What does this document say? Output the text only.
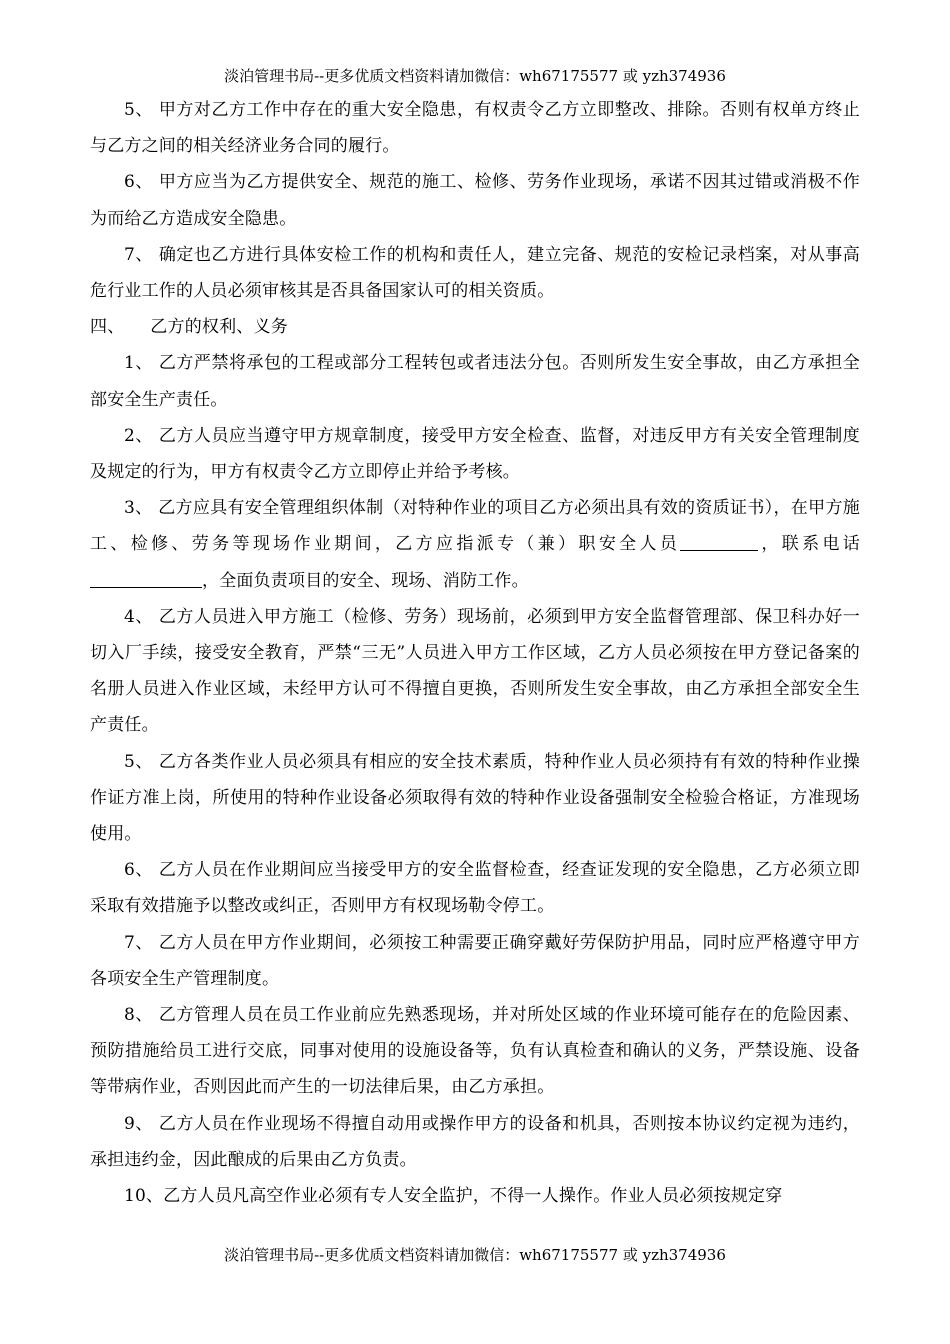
淡泊管理书局--更多优质文档资料请加微信：wh67175577 或 yzh374936

5、 甲方对乙方工作中存在的重大安全隐患，有权责令乙方立即整改、排除。否则有权单方终止与乙方之间的相关经济业务合同的履行。

6、 甲方应当为乙方提供安全、规范的施工、检修、劳务作业现场，承诺不因其过错或消极不作为而给乙方造成安全隐患。

7、 确定也乙方进行具体安检工作的机构和责任人，建立完备、规范的安检记录档案，对从事高危行业工作的人员必须审核其是否具备国家认可的相关资质。

四、　　乙方的权利、义务

1、 乙方严禁将承包的工程或部分工程转包或者违法分包。否则所发生安全事故，由乙方承担全部安全生产责任。

2、 乙方人员应当遵守甲方规章制度，接受甲方安全检查、监督，对违反甲方有关安全管理制度及规定的行为，甲方有权责令乙方立即停止并给予考核。

3、 乙方应具有安全管理组织体制（对特种作业的项目乙方必须出具有效的资质证书），在甲方施工、检修、劳务等现场作业期间，乙方应指派专（兼）职安全人员	，联系电话，全面负责项目的安全、现场、消防工作。

4、 乙方人员进入甲方施工（检修、劳务）现场前，必须到甲方安全监督管理部、保卫科办好一切入厂手续，接受安全教育，严禁“三无”人员进入甲方工作区域，乙方人员必须按在甲方登记备案的名册人员进入作业区域，未经甲方认可不得擅自更换，否则所发生安全事故，由乙方承担全部安全生产责任。

5、 乙方各类作业人员必须具有相应的安全技术素质，特种作业人员必须持有有效的特种作业操作证方准上岗，所使用的特种作业设备必须取得有效的特种作业设备强制安全检验合格证，方准现场使用。

6、 乙方人员在作业期间应当接受甲方的安全监督检查，经查证发现的安全隐患，乙方必须立即采取有效措施予以整改或纠正，否则甲方有权现场勒令停工。

7、 乙方人员在甲方作业期间，必须按工种需要正确穿戴好劳保防护用品，同时应严格遵守甲方各项安全生产管理制度。

8、 乙方管理人员在员工作业前应先熟悉现场，并对所处区域的作业环境可能存在的危险因素、预防措施给员工进行交底，同事对使用的设施设备等，负有认真检查和确认的义务，严禁设施、设备等带病作业，否则因此而产生的一切法律后果，由乙方承担。

9、 乙方人员在作业现场不得擅自动用或操作甲方的设备和机具，否则按本协议约定视为违约，承担违约金，因此酿成的后果由乙方负责。

10、乙方人员凡高空作业必须有专人安全监护，不得一人操作。作业人员必须按规定穿

淡泊管理书局--更多优质文档资料请加微信：wh67175577 或 yzh374936
